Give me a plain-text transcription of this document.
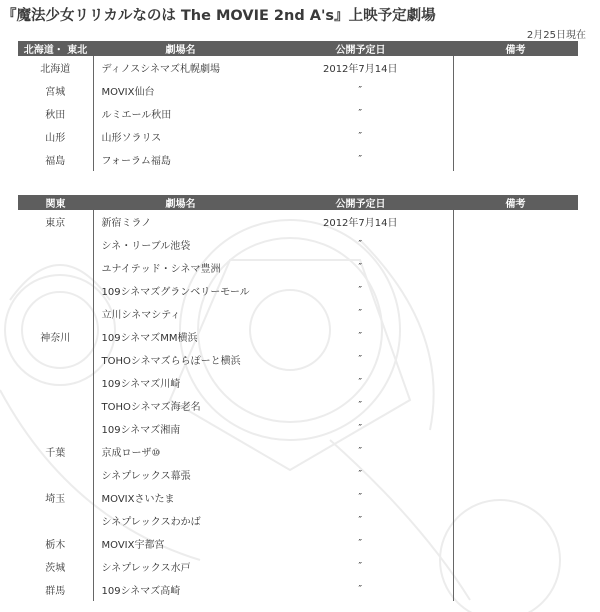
『魔法少女リリカルなのは The MOVIE 2nd A's』上映予定劇場
2月25日現在
北海道・ 東北	劇場名	公開予定日	備考
北海道	ディノスシネマズ札幌劇場	2012年7月14日	
宮城	MOVIX仙台	″	
秋田	ルミエール秋田	″	
山形	山形ソラリス	″	
福島	フォーラム福島	″	
関東	劇場名	公開予定日	備考
東京	新宿ミラノ	2012年7月14日	
	シネ・リーブル池袋	″	
	ユナイテッド・シネマ豊洲	″	
	109シネマズグランベリーモール	″	
	立川シネマシティ	″	
神奈川	109シネマズMM横浜	″	
	TOHOシネマズららぽーと横浜	″	
	109シネマズ川崎	″	
	TOHOシネマズ海老名	″	
	109シネマズ湘南	″	
千葉	京成ローザ⑩	″	
	シネプレックス幕張	″	
埼玉	MOVIXさいたま	″	
	シネプレックスわかば	″	
栃木	MOVIX宇都宮	″	
茨城	シネプレックス水戸	″	
群馬	109シネマズ高崎	″	
